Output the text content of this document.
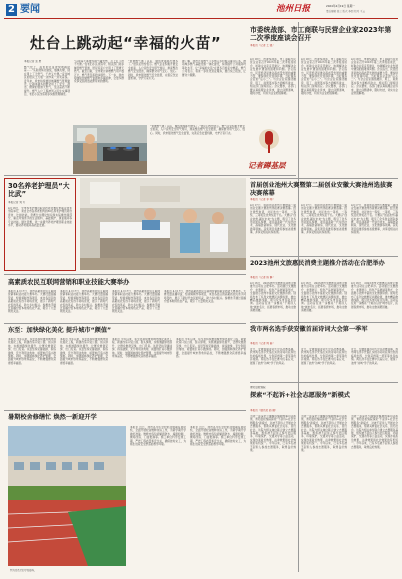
2 要闻	池州日报	2024年4月19日 星期一
责任编辑 张三 版式 李四 校对 王五
灶台上跳动起“幸福的火苗”
本报记者 张 勇
燃气灶上，蓝色的火苗欢快地跳跃着……“从前烧柴火做饭，烟熏火燎，现在用上了天然气，干净又方便。”家住城区的居民王大姐一边炒菜一边笑着说。近年来，我市持续推进城镇燃气管网建设，让越来越多的群众用上了安全、清洁、便捷的管道天然气，生活品质不断提升。燃气入户工程被列入民生实事项目，老旧小区改造同步实施管网铺设。
“以前每天都要为换气罐发愁，扛上扛下很不方便。”在老旧小区改造中，相关部门同步铺设燃气管道，居民家家户户用上了管道天然气。截至目前，全市累计新增燃气用户数万户，燃气普及率稳步提升。下一步，我市将继续加快燃气管网向乡镇延伸，让更多群众享受到清洁能源带来的便利。
“管道燃气通了以后，做饭洗澡都方便多了。”居民们纷纷表示。燃气企业积极开展安全检查，入户宣传安全用气知识，排查整治燃气安全隐患，确保群众用气安心、放心。同时，我市强化燃气安全监管，完善应急处置机制，守护万家灯火。
据了解，我市还将燃气下乡纳入乡村振兴重点任务，推动城乡燃气基础设施一体化建设，持续提升公共服务均等化水平，让“幸福的火苗”在更多百姓家中燃起。燃气公司表示，将进一步优化营业服务，推行线上报装，让群众少跑腿。
“管道燃气通了以后，做饭洗澡都方便多了。”居民们纷纷表示。燃气企业积极开展安全检查，入户宣传安全用气知识，排查整治燃气安全隐患，确保群众用气安心、放心。同时，我市强化燃气安全监管，完善应急处置机制，守护万家灯火。
记者蹲基层
市委统战部、市工商联与民营企业家2023年第二次季度座谈会召开
本报讯（记者 王 强）
4月18日，市委统战部、市工商联与民营企业家召开2023年第二次季度座谈会，听取企业家意见建议，协调解决企业发展中遇到的困难和问题。会议指出，民营经济是推动高质量发展的重要力量，要持续优化营商环境，当好服务企业的“店小二”。与会企业家围绕融资、用工、政策落实等方面畅所欲言，相关部门现场回应。会议要求，各部门要认真梳理企业诉求，建立问题清单，限时办结，切实为企业纾困解难。
4月18日，市委统战部、市工商联与民营企业家召开2023年第二次季度座谈会，听取企业家意见建议，协调解决企业发展中遇到的困难和问题。会议指出，民营经济是推动高质量发展的重要力量，要持续优化营商环境，当好服务企业的“店小二”。与会企业家围绕融资、用工、政策落实等方面畅所欲言，相关部门现场回应。会议要求，各部门要认真梳理企业诉求，建立问题清单，限时办结，切实为企业纾困解难。
4月18日，市委统战部、市工商联与民营企业家召开2023年第二次季度座谈会，听取企业家意见建议，协调解决企业发展中遇到的困难和问题。会议指出，民营经济是推动高质量发展的重要力量，要持续优化营商环境，当好服务企业的“店小二”。与会企业家围绕融资、用工、政策落实等方面畅所欲言，相关部门现场回应。会议要求，各部门要认真梳理企业诉求，建立问题清单，限时办结，切实为企业纾困解难。
首届创业池州大赛暨第二届创业安徽大赛池州选拔赛决赛落幕
本报讯（记者 李 明）
4月17日，首届创业池州大赛暨第二届创业安徽大赛池州选拔赛决赛落幕。经过激烈角逐，共评选出一等奖、二等奖、三等奖及优秀奖若干名。大赛以“创业池州·赢在未来”为主题，吸引了众多创业团队参赛，项目涵盖新一代信息技术、高端装备制造、现代农业、文化旅游等领域。获奖项目将推荐参加省级赛事，并享受相关扶持政策。
4月17日，首届创业池州大赛暨第二届创业安徽大赛池州选拔赛决赛落幕。经过激烈角逐，共评选出一等奖、二等奖、三等奖及优秀奖若干名。大赛以“创业池州·赢在未来”为主题，吸引了众多创业团队参赛，项目涵盖新一代信息技术、高端装备制造、现代农业、文化旅游等领域。获奖项目将推荐参加省级赛事，并享受相关扶持政策。
4月17日，首届创业池州大赛暨第二届创业安徽大赛池州选拔赛决赛落幕。经过激烈角逐，共评选出一等奖、二等奖、三等奖及优秀奖若干名。大赛以“创业池州·赢在未来”为主题，吸引了众多创业团队参赛，项目涵盖新一代信息技术、高端装备制造、现代农业、文化旅游等领域。获奖项目将推荐参加省级赛事，并享受相关扶持政策。
2023池州文旅惠民消费主题推介活动在合肥举办
本报讯（记者 陈 静）
4月16日，2023池州文旅惠民消费主题推介活动在合肥举办。活动通过文旅推介、非遗展示、特色产品展销等形式，全面展示池州丰富的文化旅游资源。现场发布了系列文旅惠民消费政策，推出精品旅游线路，吸引众多市民驻足咨询。活动旨在进一步擦亮“千载诗人地”城市名片，拓展客源市场，推动文旅消费回暖。
4月16日，2023池州文旅惠民消费主题推介活动在合肥举办。活动通过文旅推介、非遗展示、特色产品展销等形式，全面展示池州丰富的文化旅游资源。现场发布了系列文旅惠民消费政策，推出精品旅游线路，吸引众多市民驻足咨询。活动旨在进一步擦亮“千载诗人地”城市名片，拓展客源市场，推动文旅消费回暖。
4月16日，2023池州文旅惠民消费主题推介活动在合肥举办。活动通过文旅推介、非遗展示、特色产品展销等形式，全面展示池州丰富的文化旅游资源。现场发布了系列文旅惠民消费政策，推出精品旅游线路，吸引众多市民驻足咨询。活动旨在进一步擦亮“千载诗人地”城市名片，拓展客源市场，推动文旅消费回暖。
我市两名选手获安徽首届诗词大会第一季军
本报讯（记者 周 丽）
近日，安徽首届诗词大会总决赛落幕，我市两名选手凭借扎实的诗词功底和出色的临场发挥，分别获得第一季军等优异成绩。两名选手在比赛中沉着应对，展现了池州“诗城”学子的风采。
近日，安徽首届诗词大会总决赛落幕，我市两名选手凭借扎实的诗词功底和出色的临场发挥，分别获得第一季军等优异成绩。两名选手在比赛中沉着应对，展现了池州“诗城”学子的风采。
近日，安徽首届诗词大会总决赛落幕，我市两名选手凭借扎实的诗词功底和出色的临场发挥，分别获得第一季军等优异成绩。两名选手在比赛中沉着应对，展现了池州“诗城”学子的风采。
青阳县检察院
探索“不起诉+社会志愿服务”新模式
本报讯（通讯员 赵 刚）
为进一步深化少捕慎诉慎押刑事司法政策，青阳县检察院探索“不起诉+社会志愿服务”新模式，对被不起诉人开展社会志愿服务，帮助其修复社会关系、回归社会。该院与相关单位联合建立志愿服务基地，组织被不起诉人参与社区服务、环境保护、交通劝导等公益活动，实现办案政治效果、法律效果和社会效果的有机统一。今年以来，已有多名被不起诉人参加志愿服务，取得良好效果。
为进一步深化少捕慎诉慎押刑事司法政策，青阳县检察院探索“不起诉+社会志愿服务”新模式，对被不起诉人开展社会志愿服务，帮助其修复社会关系、回归社会。该院与相关单位联合建立志愿服务基地，组织被不起诉人参与社区服务、环境保护、交通劝导等公益活动，实现办案政治效果、法律效果和社会效果的有机统一。今年以来，已有多名被不起诉人参加志愿服务，取得良好效果。
为进一步深化少捕慎诉慎押刑事司法政策，青阳县检察院探索“不起诉+社会志愿服务”新模式，对被不起诉人开展社会志愿服务，帮助其修复社会关系、回归社会。该院与相关单位联合建立志愿服务基地，组织被不起诉人参与社区服务、环境保护、交通劝导等公益活动，实现办案政治效果、法律效果和社会效果的有机统一。今年以来，已有多名被不起诉人参加志愿服务，取得良好效果。
30名养老护理员“大比武”
本报记者 刘 芳
4月16日，全市养老护理员职业技能竞赛在市职业技术学院举行，来自全市各养老机构的30名养老护理员同台竞技，比拼技能。竞赛分为理论知识和实际操作两部分，重点考察选手的生活照料、基础照护、康复服务等专业技能。通过竞赛，进一步提升养老护理员职业技能水平，推动养老服务高质量发展。
高素质农民互联网营销和职业技能大赛举办
本报讯 4月17日，我市高素质农民互联网营销和职业技能大赛举办。大赛设置直播带货、短视频制作等项目，来自各县区的高素质农民选手同场竞技，展示了新时代农民的风采，助力乡村振兴。参赛选手通过直播介绍本地特色农产品，吸引了大量网友关注。
本报讯 4月17日，我市高素质农民互联网营销和职业技能大赛举办。大赛设置直播带货、短视频制作等项目，来自各县区的高素质农民选手同场竞技，展示了新时代农民的风采，助力乡村振兴。参赛选手通过直播介绍本地特色农产品，吸引了大量网友关注。
本报讯 4月17日，我市高素质农民互联网营销和职业技能大赛举办。大赛设置直播带货、短视频制作等项目，来自各县区的高素质农民选手同场竞技，展示了新时代农民的风采，助力乡村振兴。参赛选手通过直播介绍本地特色农产品，吸引了大量网友关注。
本报讯 4月17日，我市高素质农民互联网营销和职业技能大赛举办。大赛设置直播带货、短视频制作等项目，来自各县区的高素质农民选手同场竞技，展示了新时代农民的风采，助力乡村振兴。参赛选手通过直播介绍本地特色农产品，吸引了大量网友关注。
东至：加快绿化美化 提升城市“颜值”
本报讯 今年以来，东至县持续推进城市绿化美化工程，新建改造口袋公园、街头绿地，实施道路绿化提升，让群众推窗见绿、出门见景。该县坚持见缝插绿、拆违建绿，充分利用边角地、闲置地打造小微绿地。同时，加强园林绿化养护管理，全面提升城市形象和品位，不断增强群众获得感幸福感。
本报讯 今年以来，东至县持续推进城市绿化美化工程，新建改造口袋公园、街头绿地，实施道路绿化提升，让群众推窗见绿、出门见景。该县坚持见缝插绿、拆违建绿，充分利用边角地、闲置地打造小微绿地。同时，加强园林绿化养护管理，全面提升城市形象和品位，不断增强群众获得感幸福感。
本报讯 今年以来，东至县持续推进城市绿化美化工程，新建改造口袋公园、街头绿地，实施道路绿化提升，让群众推窗见绿、出门见景。该县坚持见缝插绿、拆违建绿，充分利用边角地、闲置地打造小微绿地。同时，加强园林绿化养护管理，全面提升城市形象和品位，不断增强群众获得感幸福感。
本报讯 今年以来，东至县持续推进城市绿化美化工程，新建改造口袋公园、街头绿地，实施道路绿化提升，让群众推窗见绿、出门见景。该县坚持见缝插绿、拆违建绿，充分利用边角地、闲置地打造小微绿地。同时，加强园林绿化养护管理，全面提升城市形象和品位，不断增强群众获得感幸福感。
暑期校舍修缮忙 焕然一新迎开学
图为改造后的学校操场。
本报讯 近日，我市各中小学校抓住假期有利时机，全面开展校舍维修改造工作，为新学期开学做好准备。维修内容包括屋面防水、墙面粉刷、操场改造、门窗更换等。施工单位科学安排工期，严把工程质量和安全关，确保按时完工，为师生创造安全舒适的教学环境。
本报讯 近日，我市各中小学校抓住假期有利时机，全面开展校舍维修改造工作，为新学期开学做好准备。维修内容包括屋面防水、墙面粉刷、操场改造、门窗更换等。施工单位科学安排工期，严把工程质量和安全关，确保按时完工，为师生创造安全舒适的教学环境。
